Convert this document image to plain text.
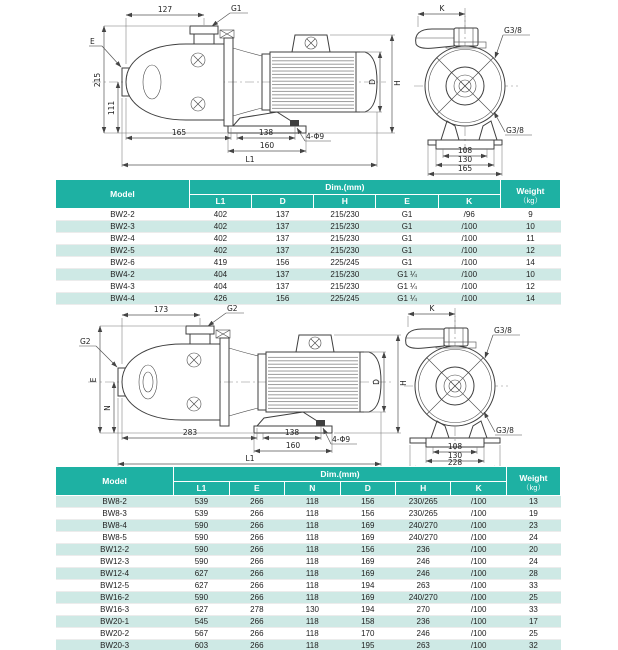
127	G1
E
215
111
165	138	4-Φ9
160
L1
D H
K
G3/8
G3/8
108
130
165
Model	Dim.(mm)					Weight
（kg）

	L1	D	H	E	K	
BW2-2	402	137	215/230	G1	/96	9
BW2-3	402	137	215/230	G1	/100	10
BW2-4	402	137	215/230	G1	/100	11
BW2-5	402	137	215/230	G1	/100	12
BW2-6	419	156	225/245	G1	/100	14
BW4-2	404	137	215/230	G1 ¼	/100	10
BW4-3	404	137	215/230	G1 ¼	/100	12
BW4-4	426	156	225/245	G1 ¼	/100	14
173	G2
G2
E
N
283	138
4-Φ9
160
L1
D H
K
G3/8
G3/8
108
130
228
Model	Dim.(mm)						Weight
（kg）

	L1	E	N	D	H	K	
BW8-2	539	266	118	156	230/265	/100	13
BW8-3	539	266	118	156	230/265	/100	19
BW8-4	590	266	118	169	240/270	/100	23
BW8-5	590	266	118	169	240/270	/100	24
BW12-2	590	266	118	156	236	/100	20
BW12-3	590	266	118	169	246	/100	24
BW12-4	627	266	118	169	246	/100	28
BW12-5	627	266	118	194	263	/100	33
BW16-2	590	266	118	169	240/270	/100	25
BW16-3	627	278	130	194	270	/100	33
BW20-1	545	266	118	158	236	/100	17
BW20-2	567	266	118	170	246	/100	25
BW20-3	603	266	118	195	263	/100	32
